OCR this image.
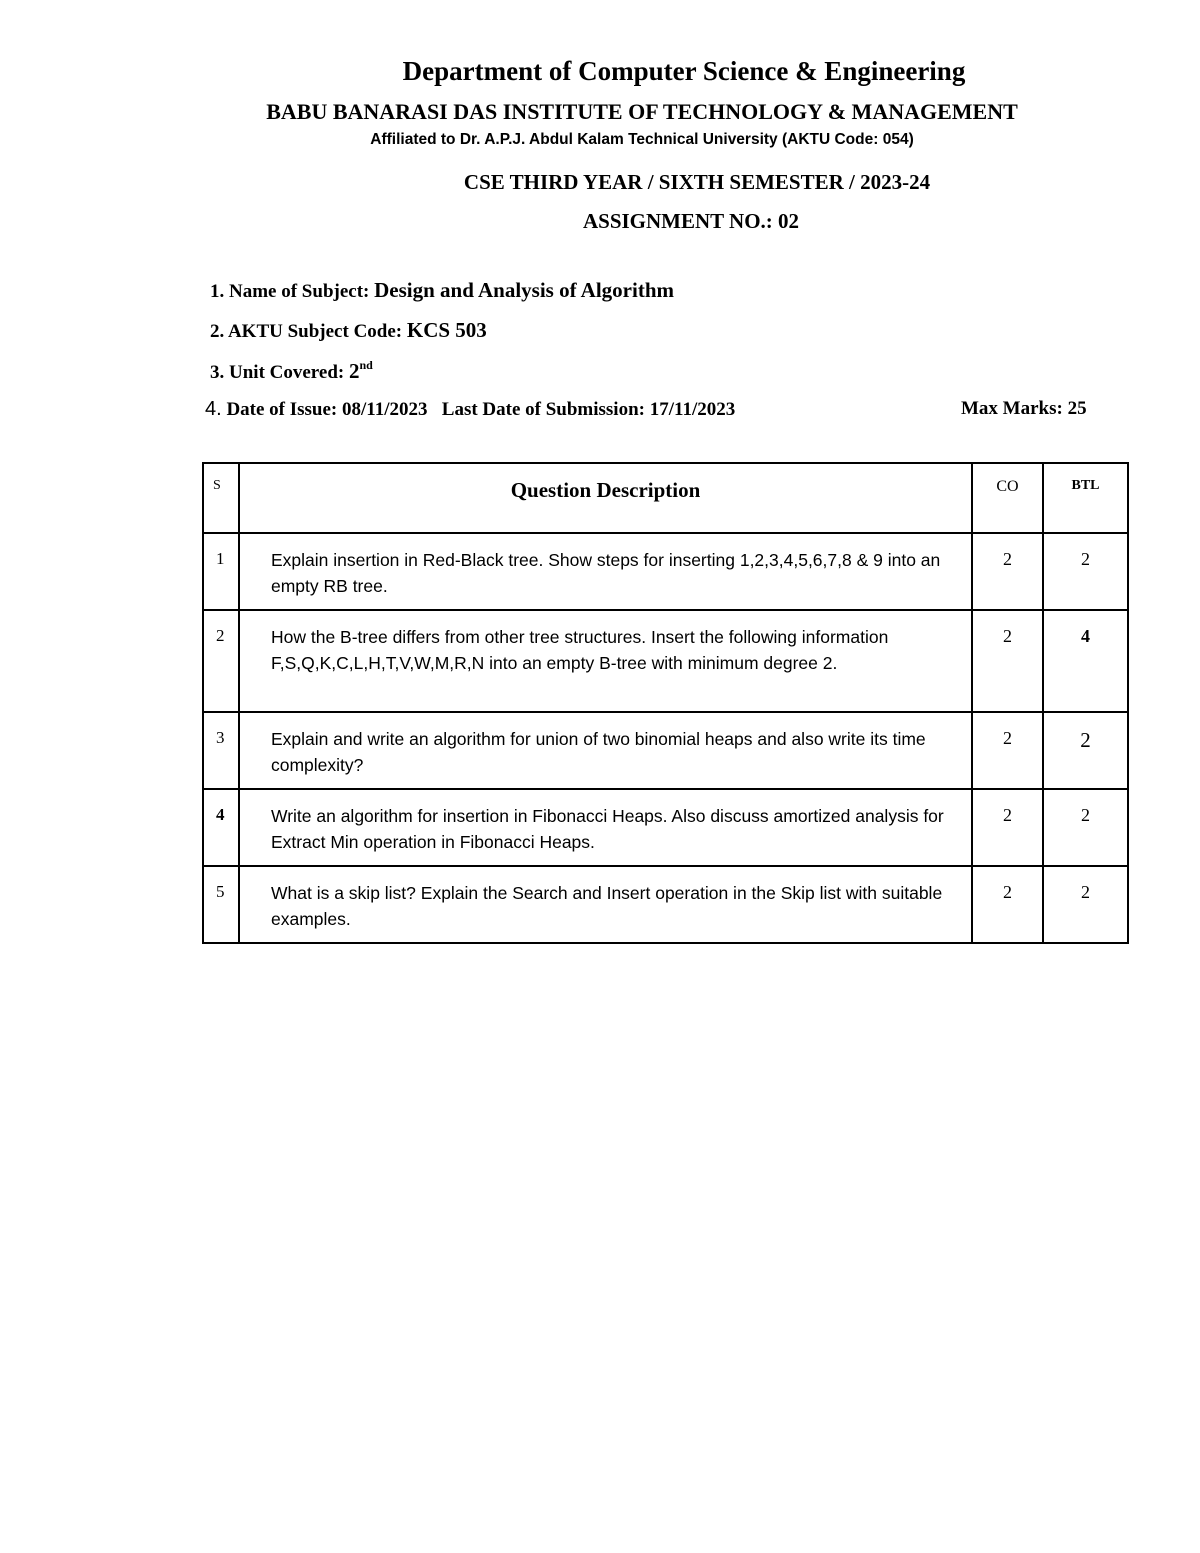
Department of Computer Science & Engineering
BABU BANARASI DAS INSTITUTE OF TECHNOLOGY & MANAGEMENT
Affiliated to Dr. A.P.J. Abdul Kalam Technical University (AKTU Code: 054)
CSE THIRD YEAR / SIXTH SEMESTER / 2023-24
ASSIGNMENT NO.: 02
1. Name of Subject: Design and Analysis of Algorithm
2. AKTU Subject Code: KCS 503
3. Unit Covered: 2nd
4. Date of Issue: 08/11/2023   Last Date of Submission: 17/11/2023	Max Marks: 25
S	Question Description	CO	BTL
1	Explain insertion in Red-Black tree. Show steps for inserting 1,2,3,4,5,6,7,8 & 9 into an empty RB tree.	2	2
2	How the B-tree differs from other tree structures. Insert the following information F,S,Q,K,C,L,H,T,V,W,M,R,N into an empty B-tree with minimum degree 2.	2	4
3	Explain and write an algorithm for union of two binomial heaps and also write its time complexity?	2	2
4	Write an algorithm for insertion in Fibonacci Heaps. Also discuss amortized analysis for Extract Min operation in Fibonacci Heaps.	2	2
5	What is a skip list? Explain the Search and Insert operation in the Skip list with suitable examples.	2	2
